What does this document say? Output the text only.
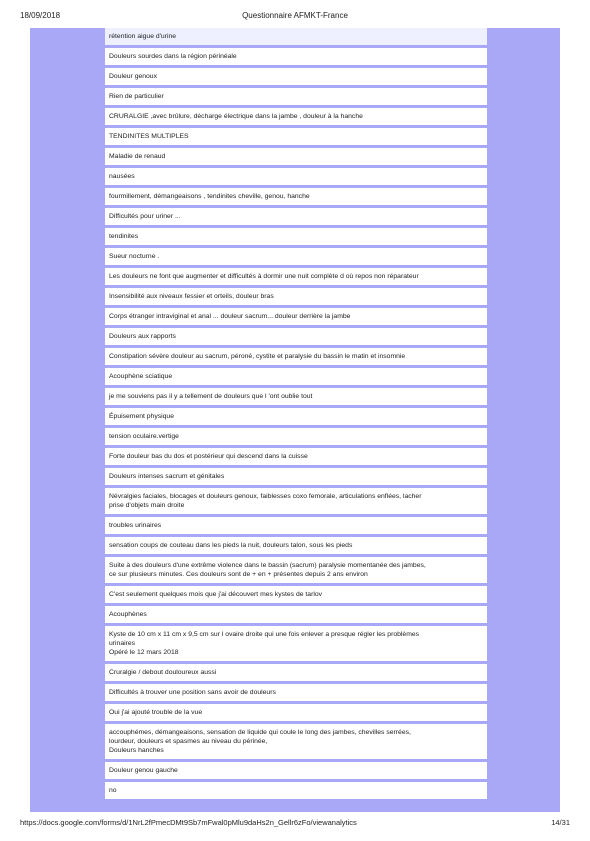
18/09/2018	Questionnaire AFMKT-France
rétention aigue d'urine
Douleurs sourdes dans la région périnéale
Douleur genoux
Rien de particulier
CRURALGIE ,avec brûlure, décharge électrique dans la jambe , douleur à la hanche
TENDINITES MULTIPLES
Maladie de renaud
nausées
fourmillement, démangeaisons , tendinites cheville, genou, hanche
Difficultés pour uriner ...
tendinites
Sueur nocturne .
Les douleurs ne font que augmenter et difficultés à dormir une nuit complète d où repos non réparateur
Insensibilité aux niveaux fessier et orteils, douleur bras
Corps étranger intraviginal et anal ... douleur sacrum... douleur derrière la jambe
Douleurs aux rapports
Constipation sévère douleur au sacrum, péroné, cystite et paralysie du bassin le matin et insomnie
Acouphène sciatique
je me souviens pas il y a tellement de douleurs que l 'ont oublie tout
Épuisement physique
tension oculaire.vertige
Forte douleur bas du dos et postérieur qui descend dans la cuisse
Douleurs intenses sacrum et génitales
Névralgies faciales, blocages et douleurs genoux, faiblesses coxo femorale, articulations enflées, lacher
prise d'objets main droite
troubles urinaires
sensation coups de couteau dans les pieds la nuit, douleurs talon, sous les pieds
Suite à des douleurs d'une extrême violence dans le bassin (sacrum) paralysie momentanée des jambes,
ce sur plusieurs minutes. Ces douleurs sont de + en + présentes depuis 2 ans environ
C'est seulement quelques mois que j'ai découvert mes kystes de tarlov
Acouphènes
Kyste de 10 cm x 11 cm x 9,5 cm sur l ovaire droite qui une fois enlever a presque régler les problèmes
urinaires
Opéré le 12 mars 2018
Cruralgie / debout douloureux aussi
Difficultés à trouver une position sans avoir de douleurs
Oui j'ai ajouté trouble de la vue
accouphémes, démangeaisons, sensation de liquide qui coule le long des jambes, chevilles serrées,
lourdeur, douleurs et spasmes au niveau du périnée,
Douleurs hanches
Douleur genou gauche
no
https://docs.google.com/forms/d/1NrL2fPmecDMt9Sb7mFwal0pMlu9daHs2n_Gellr6zFo/viewanalytics	14/31
